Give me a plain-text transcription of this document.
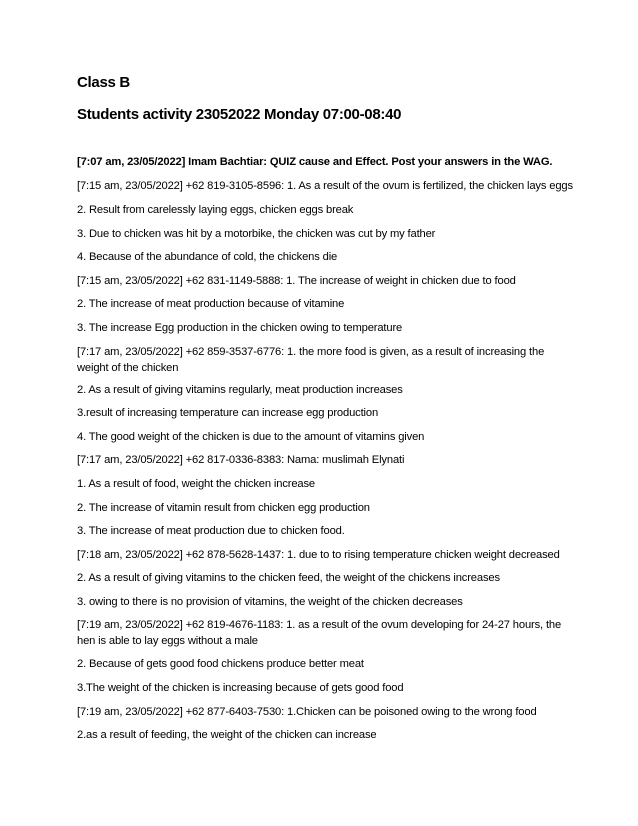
Class B
Students activity 23052022 Monday 07:00-08:40
[7:07 am, 23/05/2022] Imam Bachtiar: QUIZ cause and Effect. Post your answers in the WAG.
[7:15 am, 23/05/2022] +62 819-3105-8596: 1. As a result of the ovum is fertilized, the chicken lays eggs
2. Result from carelessly laying eggs, chicken eggs break
3. Due to chicken was hit by a motorbike, the chicken was cut by my father
4. Because of the abundance of cold, the chickens die
[7:15 am, 23/05/2022] +62 831-1149-5888: 1. The increase of weight in chicken due to food
2. The increase of meat production because of vitamine
3. The increase Egg production in the chicken owing to temperature
[7:17 am, 23/05/2022] +62 859-3537-6776: 1. the more food is given, as a result of increasing the weight of the chicken
2. As a result of giving vitamins regularly, meat production increases
3.result of increasing temperature can increase egg production
4. The good weight of the chicken is due to the amount of vitamins given
[7:17 am, 23/05/2022] +62 817-0336-8383: Nama: muslimah Elynati
1. As a result of food, weight the chicken increase
2. The increase of vitamin result from chicken egg production
3. The increase of meat production due to chicken food.
[7:18 am, 23/05/2022] +62 878-5628-1437: 1. due to to rising temperature chicken weight decreased
2. As a result of giving vitamins to the chicken feed, the weight of the chickens increases
3. owing to there is no provision of vitamins, the weight of the chicken decreases
[7:19 am, 23/05/2022] +62 819-4676-1183: 1. as a result of the ovum developing for 24-27 hours, the hen is able to lay eggs without a male
2. Because of gets good food chickens produce better meat
3.The weight of the chicken is increasing because of gets good food
[7:19 am, 23/05/2022] +62 877-6403-7530: 1.Chicken can be poisoned owing to the wrong food
2.as a result of feeding, the weight of the chicken can increase
